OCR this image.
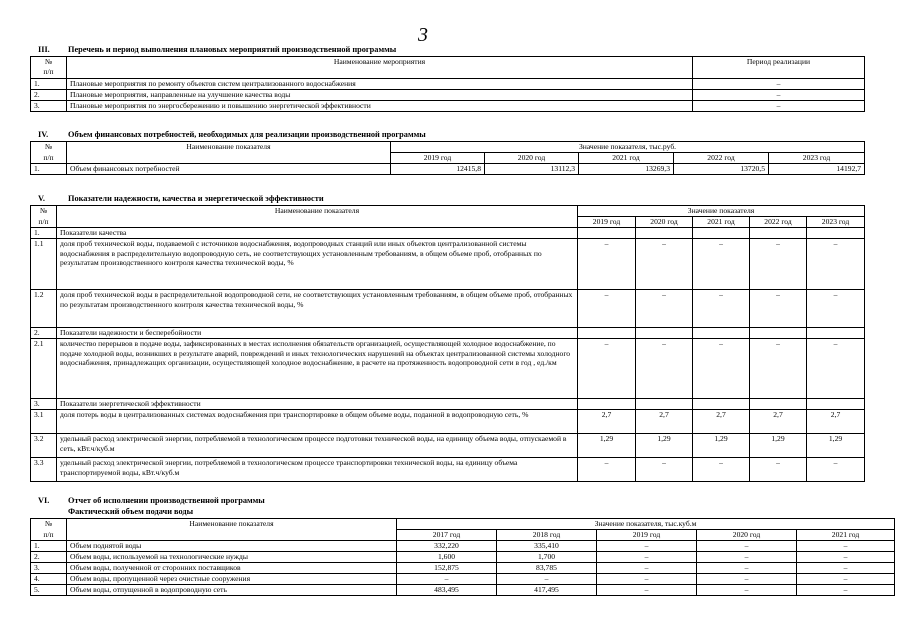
3
III. Перечень и период выполнения плановых мероприятий производственной программы
№
п/п	Наименование мероприятия	Период реализации
1.	Плановые мероприятия по ремонту объектов систем централизованного водоснабжения	–
2.	Плановые мероприятия, направленные на улучшение качества воды	–
3.	Плановые мероприятия по энергосбережению и повышению энергетической эффективности	–
IV. Объем финансовых потребностей, необходимых для реализации производственной программы
№	Наименование показателя	Значение показателя, тыс.руб.				
п/п		2019 год	2020 год	2021 год	2022 год	2023 год
1.	Объем финансовых потребностей	12415,8	13112,3	13269,3	13720,5	14192,7
V.	Показатели надежности, качества и энергетической эффективности
№	Наименование показателя	Значение показателя				
п/п		2019 год	2020 год	2021 год	2022 год	2023 год
1.	Показатели качества					
1.1	доля проб технической воды, подаваемой с источников водоснабжения, водопроводных станций или иных объектов централизованной системы водоснабжения в распределительную водопроводную сеть, не соответствующих установленным требованиям, в общем объеме проб, отобранных по результатам производственного контроля качества технической воды, %	–	–	–	–	–
1.2	доля проб технической воды в распределительной водопроводной сети, не соответствующих установленным требованиям, в общем объеме проб, отобранных по результатам производственного контроля качества технической воды, %	–	–	–	–	–
2.	Показатели надежности и бесперебойности					
2.1	количество перерывов в подаче воды, зафиксированных в местах исполнения обязательств организацией, осуществляющей холодное водоснабжение, по подаче холодной воды, возникших в результате аварий, повреждений и иных технологических нарушений на объектах централизованной системы холодного водоснабжения, принадлежащих организации, осуществляющей холодное водоснабжение, в расчете на протяженность водопроводной сети в год , ед./км	–	–	–	–	–
3.	Показатели энергетической эффективности					
3.1	доля потерь воды в централизованных системах водоснабжения при транспортировке в общем объеме воды, поданной в водопроводную сеть, %	2,7	2,7	2,7	2,7	2,7
3.2	удельный расход электрической энергии, потребляемой в технологическом процессе подготовки технической воды, на единицу объема воды, отпускаемой в сеть, кВт.ч/куб.м	1,29	1,29	1,29	1,29	1,29
3.3	удельный расход электрической энергии, потребляемой в технологическом процессе транспортировки технической воды, на единицу объема транспортируемой воды, кВт.ч/куб.м	–	–	–	–	–
VI. Отчет об исполнении производственной программы
Фактический объем подачи воды
№	Наименование показателя	Значение показателя, тыс.куб.м				
п/п		2017 год	2018 год	2019 год	2020 год	2021 год
1.	Объем поднятой воды	332,220	335,410	–	–	–
2.	Объем воды, используемой на технологические нужды	1,600	1,700	–	–	–
3.	Объем воды, полученной от сторонних поставщиков	152,875	83,785	–	–	–
4.	Объем воды, пропущенной через очистные сооружения	–	–	–	–	–
5.	Объем воды, отпущенной в водопроводную сеть	483,495	417,495	–	–	–
